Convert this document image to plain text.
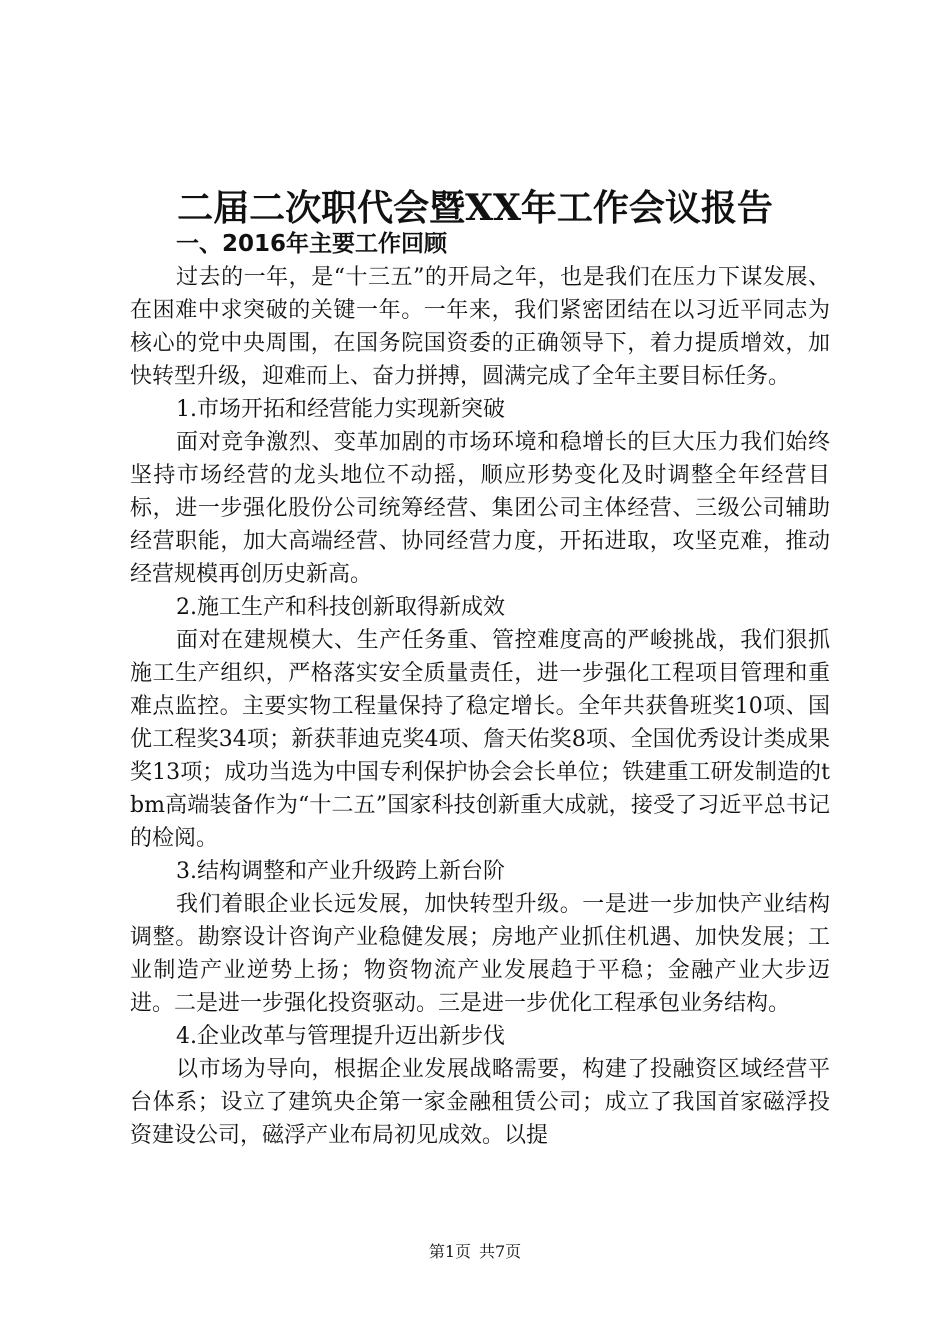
二届二次职代会暨XX年工作会议报告

一、2016年主要工作回顾

过去的一年，是“十三五”的开局之年，也是我们在压力下谋发展、在困难中求突破的关键一年。一年来，我们紧密团结在以习近平同志为核心的党中央周围，在国务院国资委的正确领导下，着力提质增效，加快转型升级，迎难而上、奋力拼搏，圆满完成了全年主要目标任务。

1.市场开拓和经营能力实现新突破

面对竞争激烈、变革加剧的市场环境和稳增长的巨大压力我们始终坚持市场经营的龙头地位不动摇，顺应形势变化及时调整全年经营目标，进一步强化股份公司统筹经营、集团公司主体经营、三级公司辅助经营职能，加大高端经营、协同经营力度，开拓进取，攻坚克难，推动经营规模再创历史新高。

2.施工生产和科技创新取得新成效

面对在建规模大、生产任务重、管控难度高的严峻挑战，我们狠抓施工生产组织，严格落实安全质量责任，进一步强化工程项目管理和重难点监控。主要实物工程量保持了稳定增长。全年共获鲁班奖10项、国优工程奖34项；新获菲迪克奖4项、詹天佑奖8项、全国优秀设计类成果奖13项；成功当选为中国专利保护协会会长单位；铁建重工研发制造的tbm高端装备作为“十二五”国家科技创新重大成就，接受了习近平总书记的检阅。

3.结构调整和产业升级跨上新台阶

我们着眼企业长远发展，加快转型升级。一是进一步加快产业结构调整。勘察设计咨询产业稳健发展；房地产业抓住机遇、加快发展；工业制造产业逆势上扬；物资物流产业发展趋于平稳；金融产业大步迈进。二是进一步强化投资驱动。三是进一步优化工程承包业务结构。

4.企业改革与管理提升迈出新步伐

以市场为导向，根据企业发展战略需要，构建了投融资区域经营平台体系；设立了建筑央企第一家金融租赁公司；成立了我国首家磁浮投资建设公司，磁浮产业布局初见成效。以提

第1页 共7页
